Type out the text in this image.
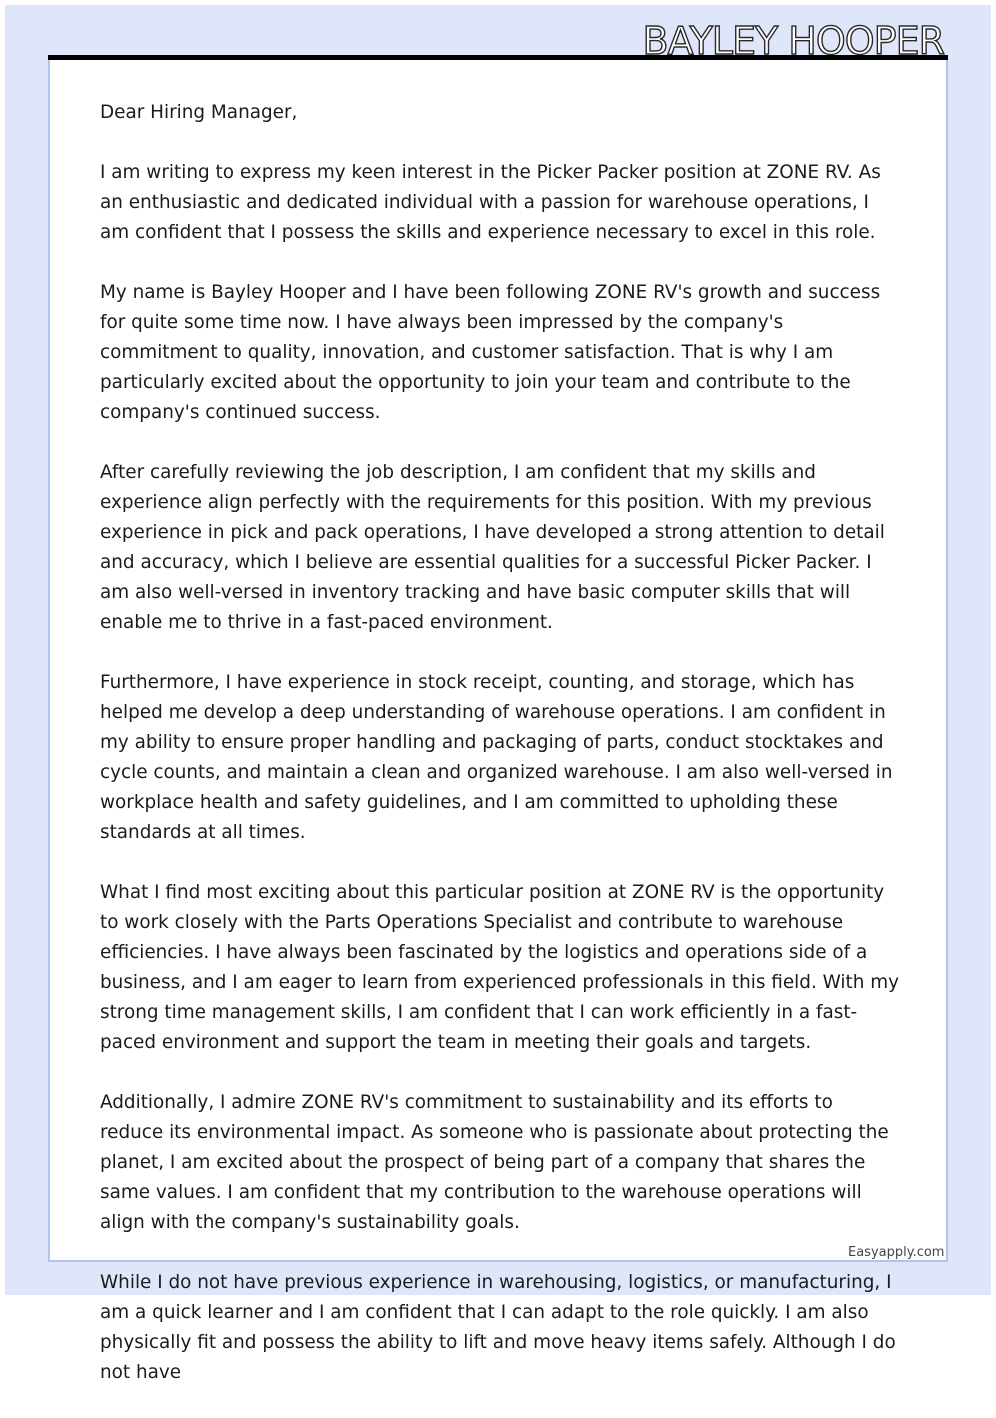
BAYLEY HOOPER

Dear Hiring Manager,

I am writing to express my keen interest in the Picker Packer position at ZONE RV. As an enthusiastic and dedicated individual with a passion for warehouse operations, I am confident that I possess the skills and experience necessary to excel in this role.

My name is Bayley Hooper and I have been following ZONE RV's growth and success for quite some time now. I have always been impressed by the company's commitment to quality, innovation, and customer satisfaction. That is why I am particularly excited about the opportunity to join your team and contribute to the company's continued success.

After carefully reviewing the job description, I am confident that my skills and experience align perfectly with the requirements for this position. With my previous experience in pick and pack operations, I have developed a strong attention to detail and accuracy, which I believe are essential qualities for a successful Picker Packer. I am also well-versed in inventory tracking and have basic computer skills that will enable me to thrive in a fast-paced environment.

Furthermore, I have experience in stock receipt, counting, and storage, which has helped me develop a deep understanding of warehouse operations. I am confident in my ability to ensure proper handling and packaging of parts, conduct stocktakes and cycle counts, and maintain a clean and organized warehouse. I am also well-versed in workplace health and safety guidelines, and I am committed to upholding these standards at all times.

What I find most exciting about this particular position at ZONE RV is the opportunity to work closely with the Parts Operations Specialist and contribute to warehouse efficiencies. I have always been fascinated by the logistics and operations side of a business, and I am eager to learn from experienced professionals in this field. With my strong time management skills, I am confident that I can work efficiently in a fast-paced environment and support the team in meeting their goals and targets.

Additionally, I admire ZONE RV's commitment to sustainability and its efforts to reduce its environmental impact. As someone who is passionate about protecting the planet, I am excited about the prospect of being part of a company that shares the same values. I am confident that my contribution to the warehouse operations will align with the company's sustainability goals.

While I do not have previous experience in warehousing, logistics, or manufacturing, I am a quick learner and I am confident that I can adapt to the role quickly. I am also physically fit and possess the ability to lift and move heavy items safely. Although I do not have

Easyapply.com
